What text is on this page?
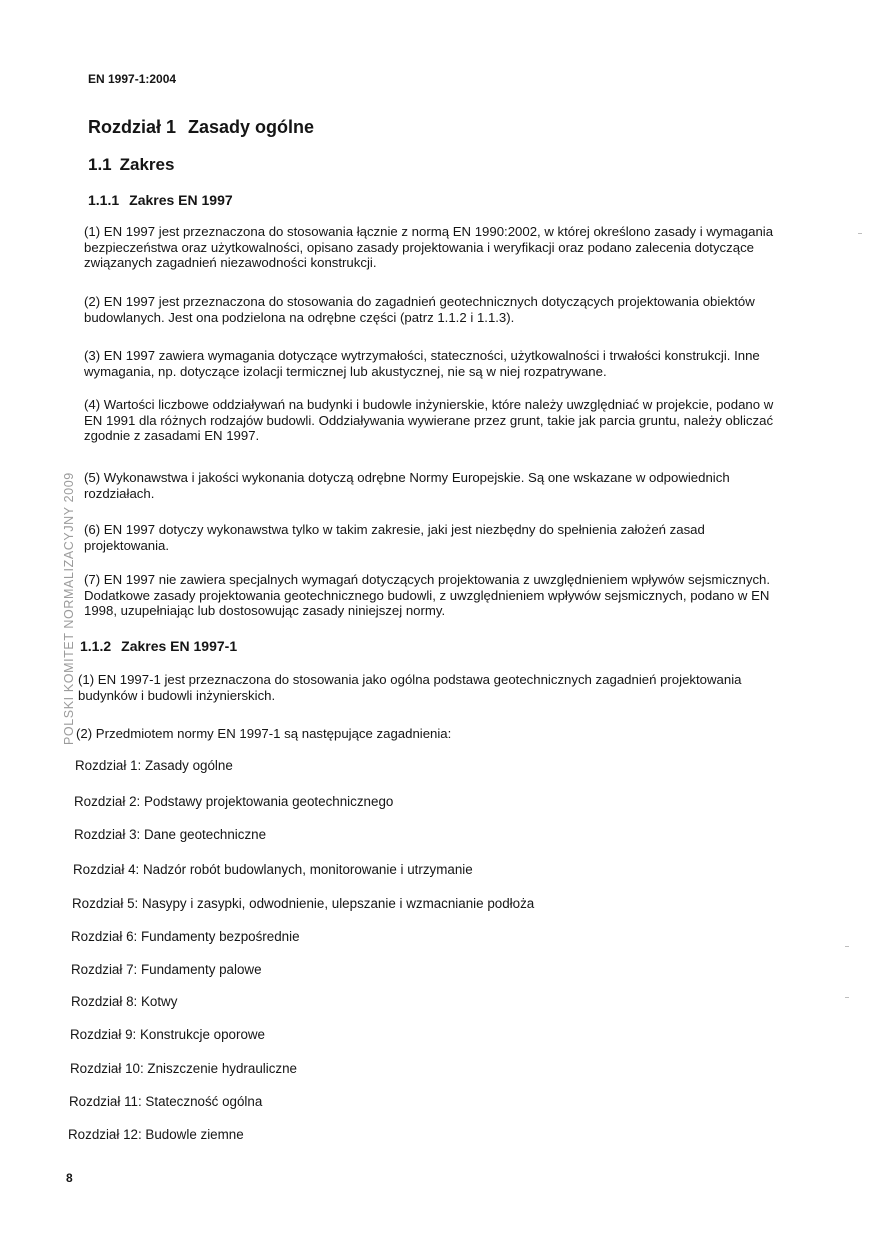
EN 1997-1:2004
Rozdział 1 Zasady ogólne
1.1 Zakres
1.1.1 Zakres EN 1997
(1) EN 1997 jest przeznaczona do stosowania łącznie z normą EN 1990:2002, w której określono zasady i wymagania bezpieczeństwa oraz użytkowalności, opisano zasady projektowania i weryfikacji oraz podano zalecenia dotyczące związanych zagadnień niezawodności konstrukcji.
(2) EN 1997 jest przeznaczona do stosowania do zagadnień geotechnicznych dotyczących projektowania obiektów budowlanych. Jest ona podzielona na odrębne części (patrz 1.1.2 i 1.1.3).
(3) EN 1997 zawiera wymagania dotyczące wytrzymałości, stateczności, użytkowalności i trwałości konstrukcji. Inne wymagania, np. dotyczące izolacji termicznej lub akustycznej, nie są w niej rozpatrywane.
(4) Wartości liczbowe oddziaływań na budynki i budowle inżynierskie, które należy uwzględniać w projekcie, podano w EN 1991 dla różnych rodzajów budowli. Oddziaływania wywierane przez grunt, takie jak parcia gruntu, należy obliczać zgodnie z zasadami EN 1997.
(5) Wykonawstwa i jakości wykonania dotyczą odrębne Normy Europejskie. Są one wskazane w odpowiednich rozdziałach.
(6) EN 1997 dotyczy wykonawstwa tylko w takim zakresie, jaki jest niezbędny do spełnienia założeń zasad projektowania.
(7) EN 1997 nie zawiera specjalnych wymagań dotyczących projektowania z uwzględnieniem wpływów sejsmicznych. Dodatkowe zasady projektowania geotechnicznego budowli, z uwzględnieniem wpływów sejsmicznych, podano w EN 1998, uzupełniając lub dostosowując zasady niniejszej normy.
1.1.2 Zakres EN 1997-1
(1) EN 1997-1 jest przeznaczona do stosowania jako ogólna podstawa geotechnicznych zagadnień projektowania budynków i budowli inżynierskich.
(2) Przedmiotem normy EN 1997-1 są następujące zagadnienia:
Rozdział 1: Zasady ogólne
Rozdział 2: Podstawy projektowania geotechnicznego
Rozdział 3: Dane geotechniczne
Rozdział 4: Nadzór robót budowlanych, monitorowanie i utrzymanie
Rozdział 5: Nasypy i zasypki, odwodnienie, ulepszanie i wzmacnianie podłoża
Rozdział 6: Fundamenty bezpośrednie
Rozdział 7: Fundamenty palowe
Rozdział 8: Kotwy
Rozdział 9: Konstrukcje oporowe
Rozdział 10: Zniszczenie hydrauliczne
Rozdział 11: Stateczność ogólna
Rozdział 12: Budowle ziemne
POLSKI KOMITET NORMALIZACYJNY 2009
8
